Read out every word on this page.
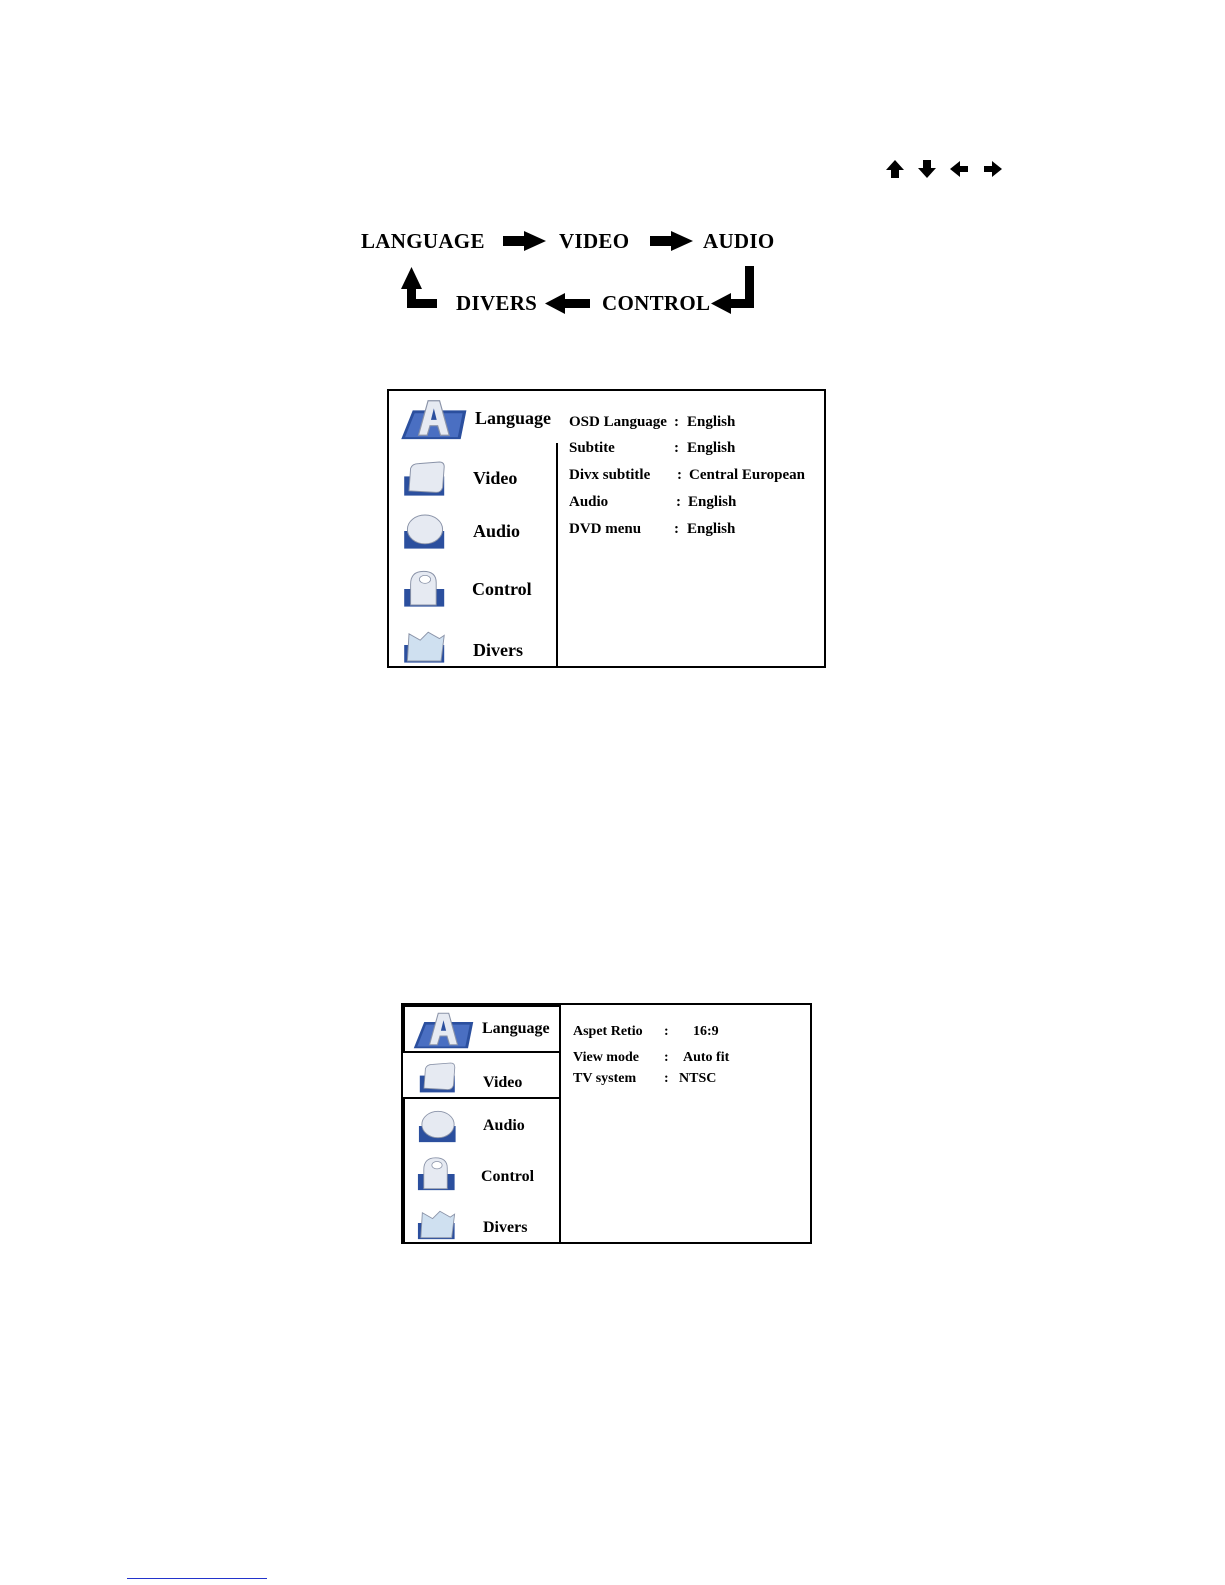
LANGUAGE	VIDEO	AUDIO
CONTROL
DIVERS
Language
Video
Audio
Control
Divers
OSD Language : English
Subtite	: English
Divx subtitle : Central European
Audio	: English
DVD menu : English
Language
Video
Audio
Control
Divers
Aspet Retio : 16:9
View mode : Auto fit
TV system : NTSC
